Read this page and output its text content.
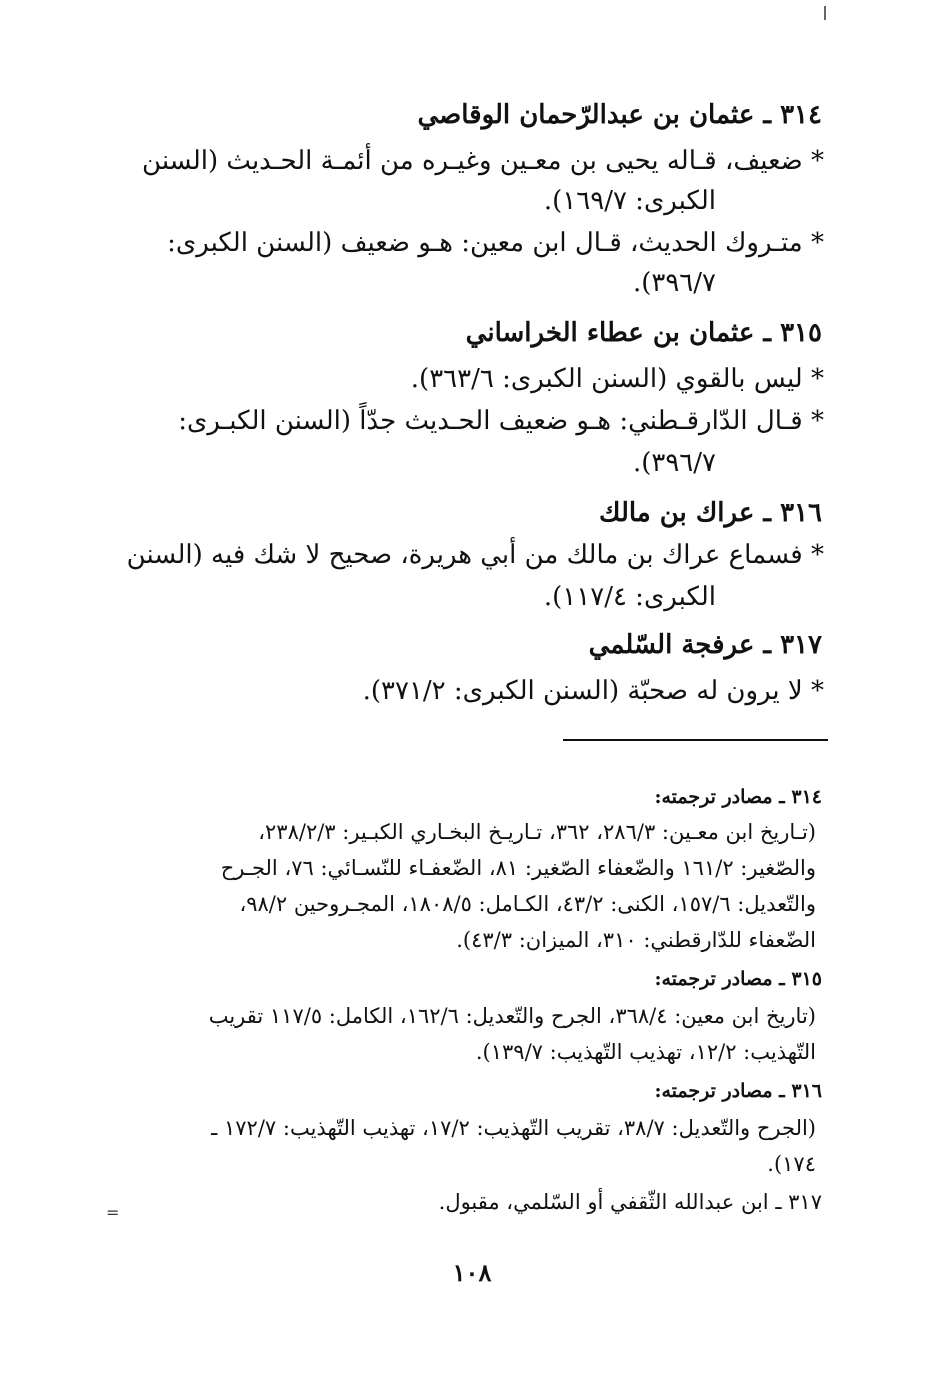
٣١٤ ـ عثمان بن عبدالرّحمان الوقاصي
* ضعيف، قـاله يحيى بن معـين وغيـره من أئمـة الحـديث (السنن
الكبرى: ١٦٩/٧).
* متـروك الحديث، قـال ابن معين: هـو ضعيف (السنن الكبرى:
٣٩٦/٧).
٣١٥ ـ عثمان بن عطاء الخراساني
* ليس بالقوي (السنن الكبرى: ٣٦٣/٦).
* قـال الدّارقـطني: هـو ضعيف الحـديث جدّاً (السنن الكبـرى:
٣٩٦/٧).
٣١٦ ـ عراك بن مالك
* فسماع عراك بن مالك من أبي هريرة، صحيح لا شك فيه (السنن
الكبرى: ١١٧/٤).
٣١٧ ـ عرفجة السّلمي
* لا يرون له صحبّة (السنن الكبرى: ٣٧١/٢).
٣١٤ ـ مصادر ترجمته:
(تـاريخ ابن معـين: ٢٨٦/٣، ٣٦٢، تـاريـخ البخـاري الكبـير: ٢٣٨/٢/٣،
والصّغير: ١٦١/٢ والضّعفاء الصّغير: ٨١، الضّعفـاء للنّسـائي: ٧٦، الجـرح
والتّعديل: ١٥٧/٦، الكنى: ٤٣/٢، الكـامل: ١٨٠٨/٥، المجـروحين ٩٨/٢،
الضّعفاء للدّارقطني: ٣١٠، الميزان: ٤٣/٣).
٣١٥ ـ مصادر ترجمته:
(تاريخ ابن معين: ٣٦٨/٤، الجرح والتّعديل: ١٦٢/٦، الكامل: ١١٧/٥ تقريب
التّهذيب: ١٢/٢، تهذيب التّهذيب: ١٣٩/٧).
٣١٦ ـ مصادر ترجمته:
(الجرح والتّعديل: ٣٨/٧، تقريب التّهذيب: ١٧/٢، تهذيب التّهذيب: ١٧٢/٧ ـ
١٧٤).
٣١٧ ـ ابن عبدالله الثّقفي أو السّلمي، مقبول.
=
١٠٨
